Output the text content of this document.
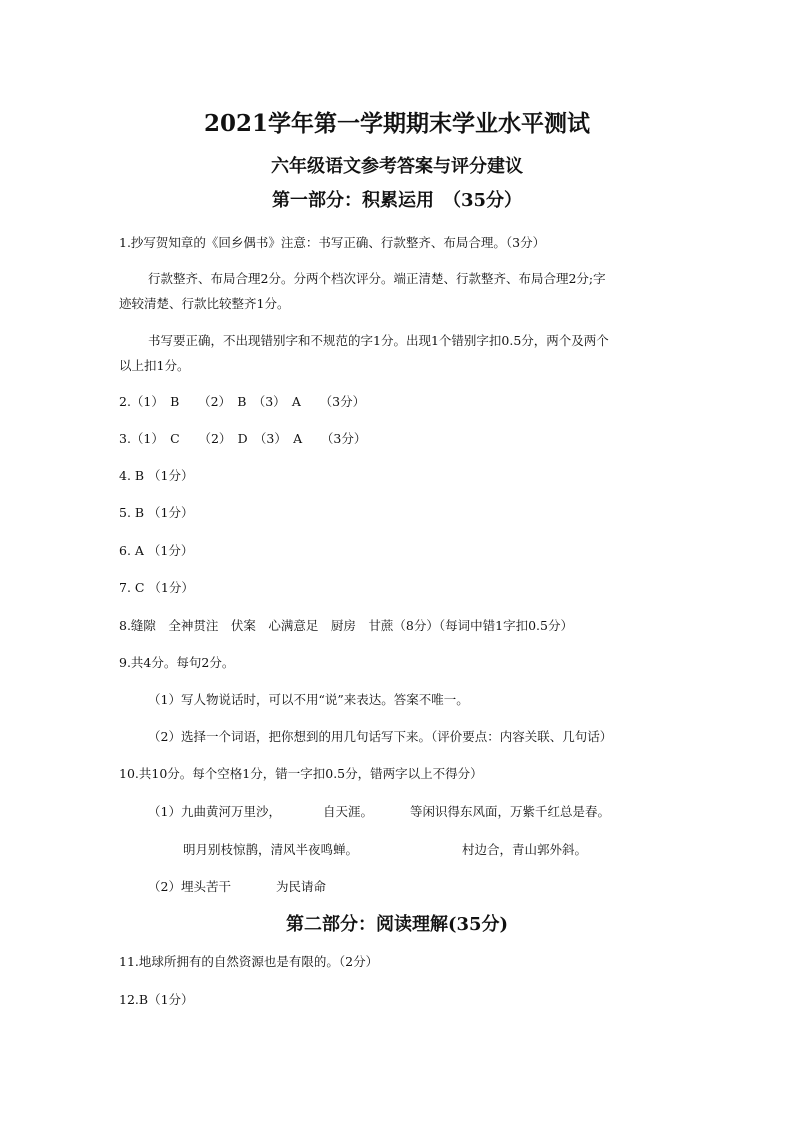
2021学年第一学期期末学业水平测试
六年级语文参考答案与评分建议
第一部分：积累运用　（35分）
1.抄写贺知章的《回乡偶书》注意：书写正确、行款整齐、布局合理。（3分）
行款整齐、布局合理2分。分两个档次评分。端正清楚、行款整齐、布局合理2分;字
迹较清楚、行款比较整齐1分。
书写要正确，不出现错别字和不规范的字1分。出现1个错别字扣0.5分，两个及两个
以上扣1分。
2.（1）　B　　（2）　B　（3）　A　　（3分）
3.（1）　C　　（2）　D　（3）　A　　（3分）
4. B （1分）
5. B （1分）
6. A （1分）
7. C （1分）
8.缝隙　全神贯注　伏案　心满意足　厨房　甘蔗（8分）（每词中错1字扣0.5分）
9.共4分。每句2分。
（1）写人物说话时，可以不用“说”来表达。答案不唯一。
（2）选择一个词语，把你想到的用几句话写下来。（评价要点：内容关联、几句话）
10.共10分。每个空格1分，错一字扣0.5分，错两字以上不得分）
（1）九曲黄河万里沙，	自天涯。	等闲识得东风面，万紫千红总是春。
明月别枝惊鹊，清风半夜鸣蝉。	村边合，青山郭外斜。
（2）埋头苦干	为民请命
第二部分：阅读理解(35分)
11.地球所拥有的自然资源也是有限的。（2分）
12.B（1分）
